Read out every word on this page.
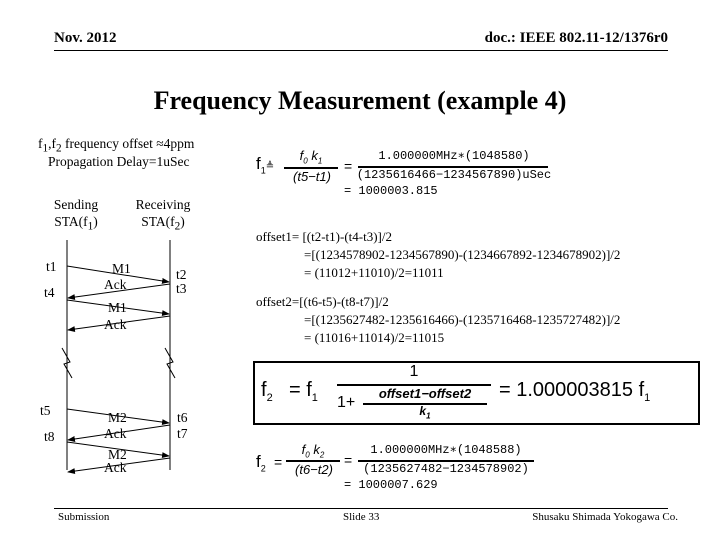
Nov. 2012	doc.: IEEE 802.11-12/1376r0
Frequency Measurement (example 4)
$f_1,f_2$ frequency offset ≈4ppm
Propagation Delay=1uSec
Sending
$STA(f_1)$
Receiving
$STA(f_2)$
t1
t4
t2
t3
M1
Ack
M1
Ack
t5
t8
t6
t7
M2
Ack
M2
Ack
$f_1≜$
$f_0$ $k_1$
(t5−t1)
=
1.000000MHz∗(1048580)
(1235616466−1234567890)uSec
= 1000003.815
offset1= [(t2-t1)-(t4-t3)]/2
=[(1234578902-1234567890)-(1234667892-1234678902)]/2
= (11012+11010)/2=11011
offset2=[(t6-t5)-(t8-t7)]/2
=[(1235627482-1235616466)-(1235716468-1235727482)]/2
= (11016+11014)/2=11015
$f_2 = f_1$
1
1+
offset1−offset2
$k_1$
= 1.000003815 $f_1$
$f_2$ =
$f_0$ $k_2$
(t6−t2)
=
1.000000MHz∗(1048588)
(1235627482−1234578902)
= 1000007.629
Submission	Slide 33	Shusaku Shimada Yokogawa Co.
